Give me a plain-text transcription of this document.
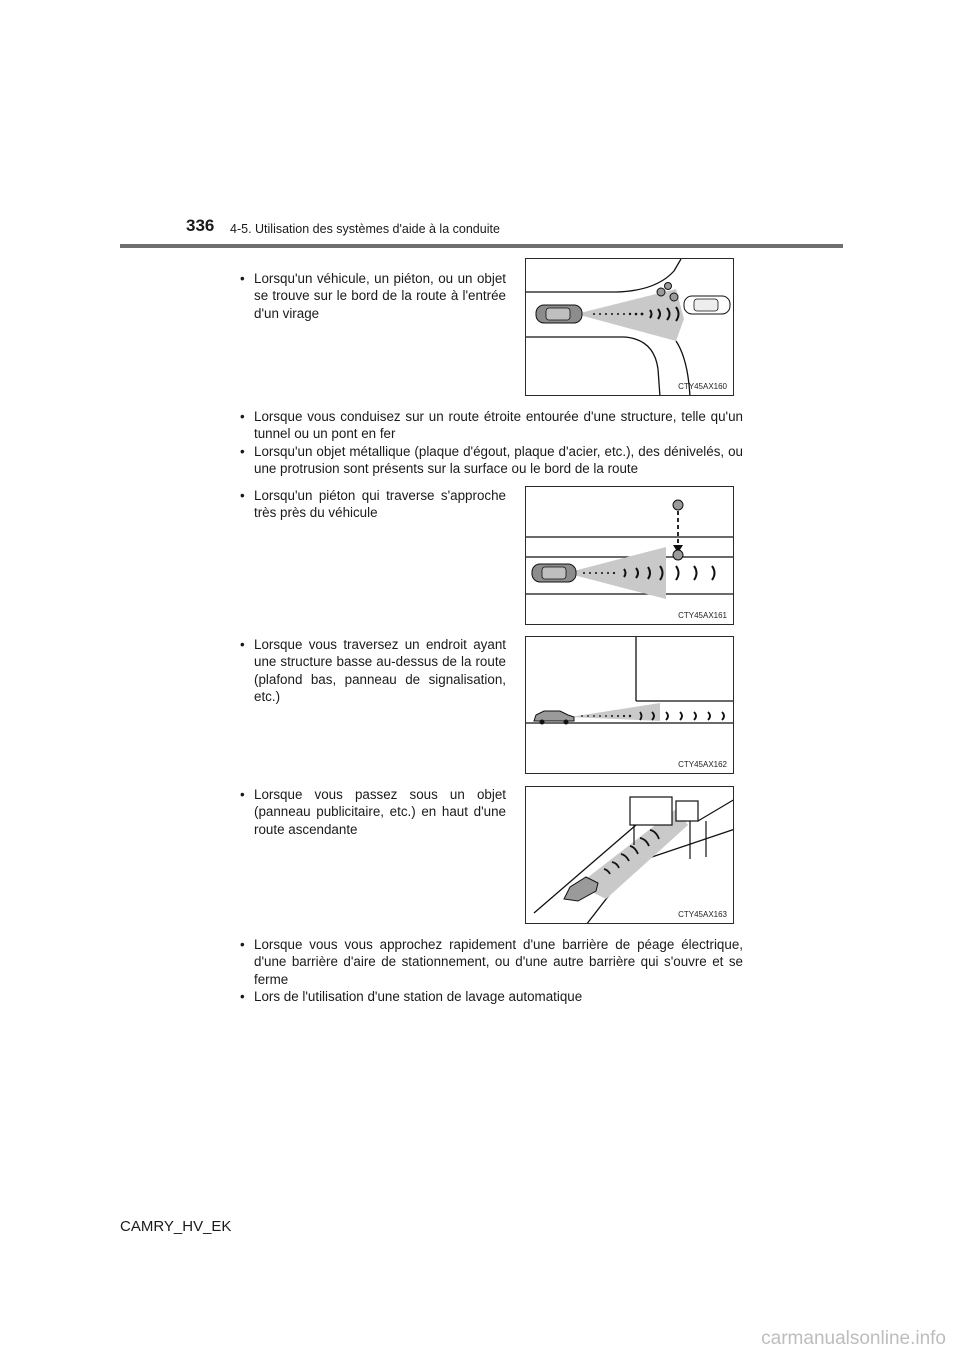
336 4-5. Utilisation des systèmes d'aide à la conduite
• Lorsqu'un véhicule, un piéton, ou un objet se trouve sur le bord de la route à l'entrée d'un virage
CTY45AX160
• Lorsque vous conduisez sur un route étroite entourée d'une structure, telle qu'un tunnel ou un pont en fer
• Lorsqu'un objet métallique (plaque d'égout, plaque d'acier, etc.), des dénivelés, ou une protrusion sont présents sur la surface ou le bord de la route
• Lorsqu'un piéton qui traverse s'approche très près du véhicule
CTY45AX161
• Lorsque vous traversez un endroit ayant une structure basse au-dessus de la route (plafond bas, panneau de signalisation, etc.)
CTY45AX162
• Lorsque vous passez sous un objet (panneau publicitaire, etc.) en haut d'une route ascendante
CTY45AX163
• Lorsque vous vous approchez rapidement d'une barrière de péage électrique, d'une barrière d'aire de stationnement, ou d'une autre barrière qui s'ouvre et se ferme
• Lors de l'utilisation d'une station de lavage automatique
CAMRY_HV_EK
carmanualsonline.info
